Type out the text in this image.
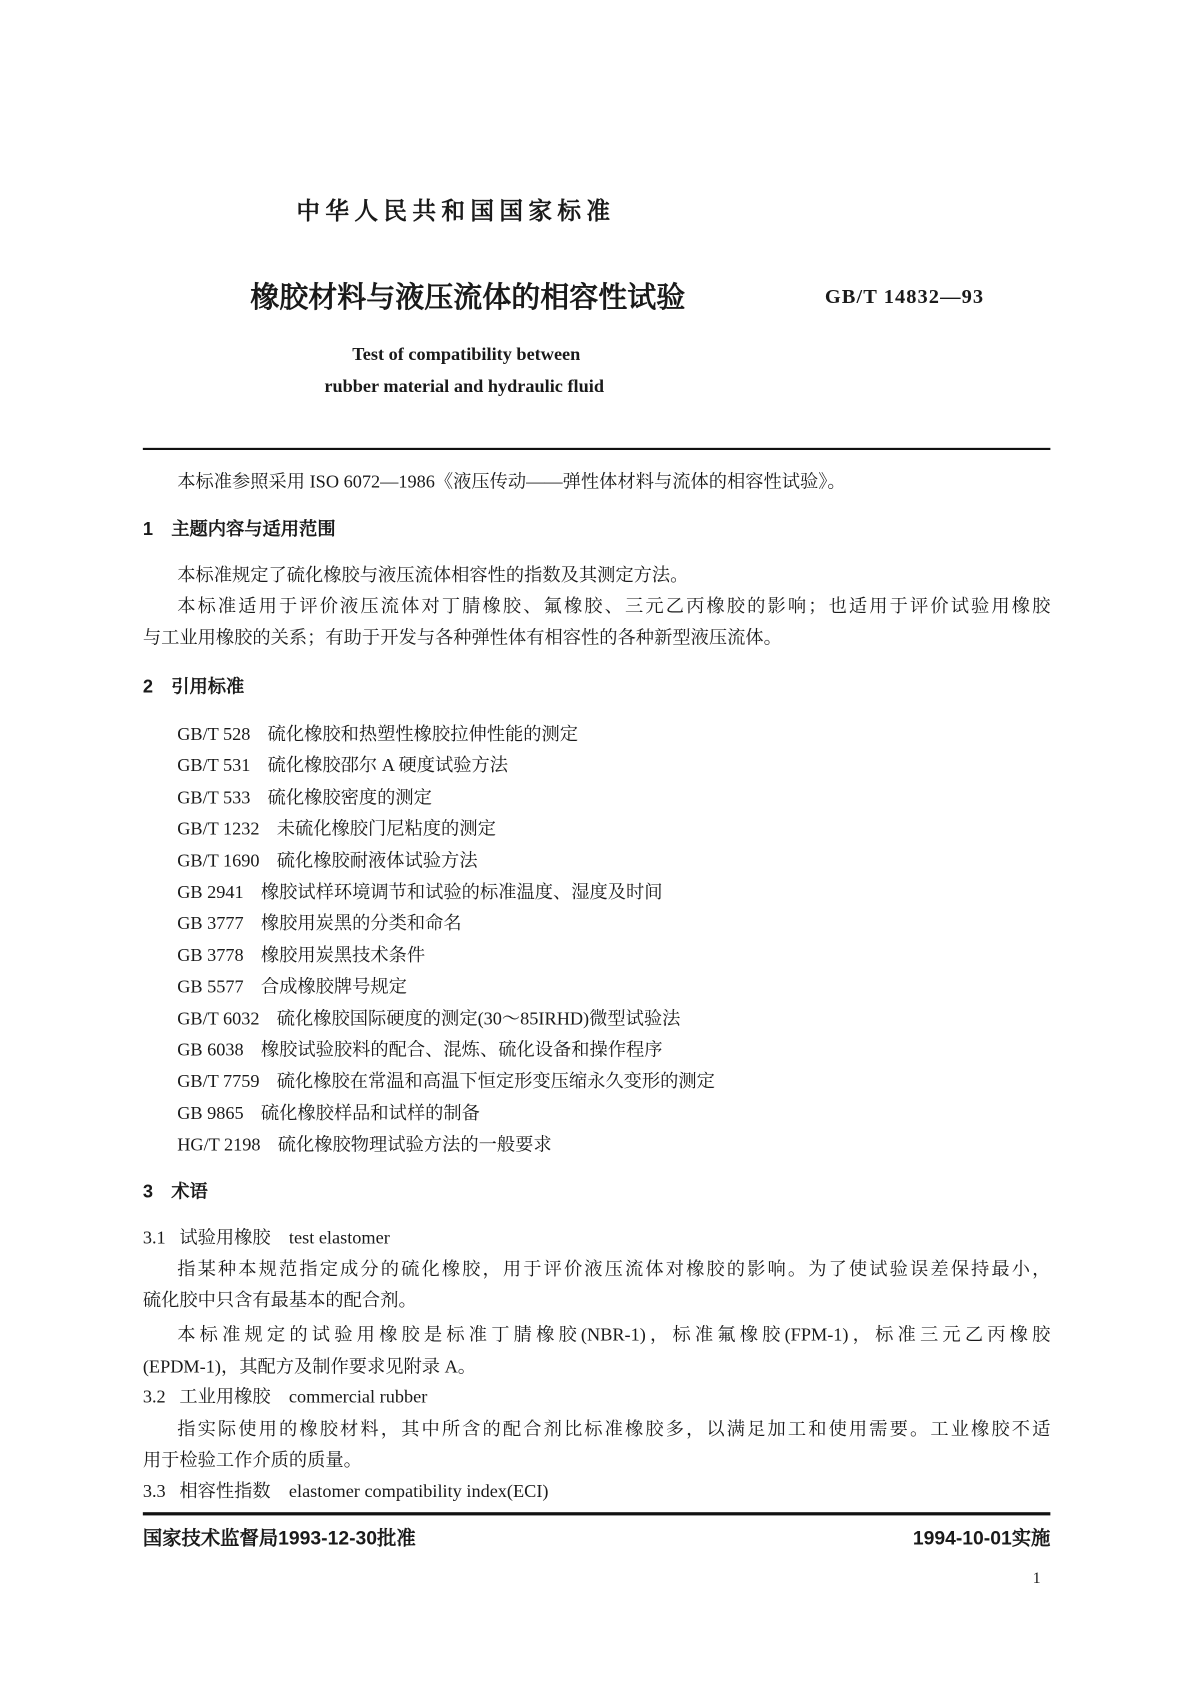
中华人民共和国国家标准
橡胶材料与液压流体的相容性试验	GB/T 14832—93
Test of compatibility between
rubber material and hydraulic fluid
本标准参照采用 ISO 6072—1986《液压传动——弹性体材料与流体的相容性试验》。
1　主题内容与适用范围
本标准规定了硫化橡胶与液压流体相容性的指数及其测定方法。
本标准适用于评价液压流体对丁腈橡胶、氟橡胶、三元乙丙橡胶的影响；也适用于评价试验用橡胶
与工业用橡胶的关系；有助于开发与各种弹性体有相容性的各种新型液压流体。
2　引用标准
GB/T 528 硫化橡胶和热塑性橡胶拉伸性能的测定
GB/T 531 硫化橡胶邵尔 A 硬度试验方法
GB/T 533 硫化橡胶密度的测定
GB/T 1232 未硫化橡胶门尼粘度的测定
GB/T 1690 硫化橡胶耐液体试验方法
GB 2941 橡胶试样环境调节和试验的标准温度、湿度及时间
GB 3777 橡胶用炭黑的分类和命名
GB 3778 橡胶用炭黑技术条件
GB 5577 合成橡胶牌号规定
GB/T 6032 硫化橡胶国际硬度的测定(30～85IRHD)微型试验法
GB 6038 橡胶试验胶料的配合、混炼、硫化设备和操作程序
GB/T 7759 硫化橡胶在常温和高温下恒定形变压缩永久变形的测定
GB 9865 硫化橡胶样品和试样的制备
HG/T 2198 硫化橡胶物理试验方法的一般要求
3　术语
3.1 试验用橡胶 test elastomer
指某种本规范指定成分的硫化橡胶，用于评价液压流体对橡胶的影响。为了使试验误差保持最小，
硫化胶中只含有最基本的配合剂。
本标准规定的试验用橡胶是标准丁腈橡胶(NBR-1)，标准氟橡胶(FPM-1)，标准三元乙丙橡胶
(EPDM-1)，其配方及制作要求见附录 A。
3.2 工业用橡胶 commercial rubber
指实际使用的橡胶材料，其中所含的配合剂比标准橡胶多，以满足加工和使用需要。工业橡胶不适
用于检验工作介质的质量。
3.3 相容性指数 elastomer compatibility index(ECI)
国家技术监督局1993-12-30批准	1994-10-01实施
1
